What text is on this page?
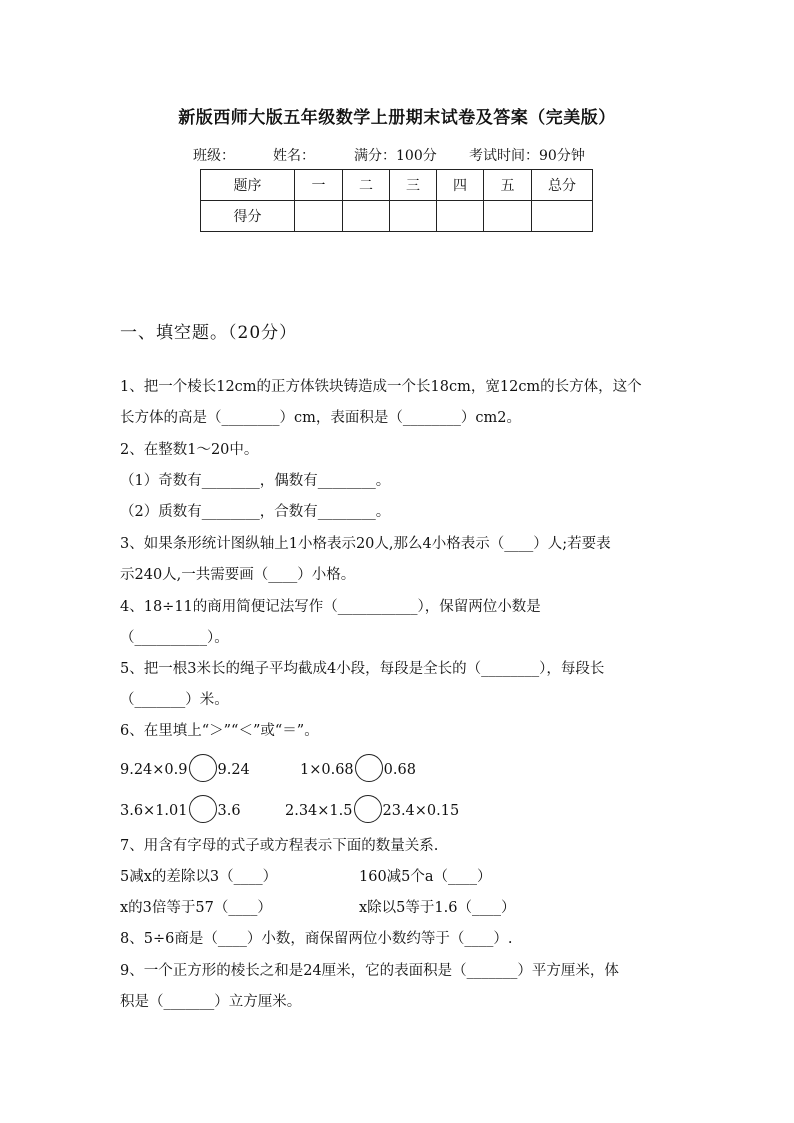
新版西师大版五年级数学上册期末试卷及答案（完美版）
班级：	姓名：	满分：100分 考试时间：90分钟
题序	一	二	三	四	五	总分
得分						
一、填空题。（20分）
1、把一个棱长12cm的正方体铁块铸造成一个长18cm，宽12cm的长方体，这个
长方体的高是（________）cm，表面积是（________）cm2。
2、在整数1～20中。
（1）奇数有________，偶数有________。
（2）质数有________，合数有________。
3、如果条形统计图纵轴上1小格表示20人,那么4小格表示（____）人;若要表
示240人,一共需要画（____）小格。
4、18÷11的商用简便记法写作（___________），保留两位小数是
（__________）。
5、把一根3米长的绳子平均截成4小段，每段是全长的（________），每段长
（_______）米。
6、在里填上“＞”“＜”或“＝”。
9.24×0.9 9.24	1×0.68 0.68
3.6×1.01 3.6	2.34×1.5 23.4×0.15
7、用含有字母的式子或方程表示下面的数量关系.
5减x的差除以3（____）	160减5个a（____）
x的3倍等于57（____）	x除以5等于1.6（____）
8、5÷6商是（____）小数，商保留两位小数约等于（____）.
9、一个正方形的棱长之和是24厘米，它的表面积是（_______）平方厘米，体
积是（_______）立方厘米。
